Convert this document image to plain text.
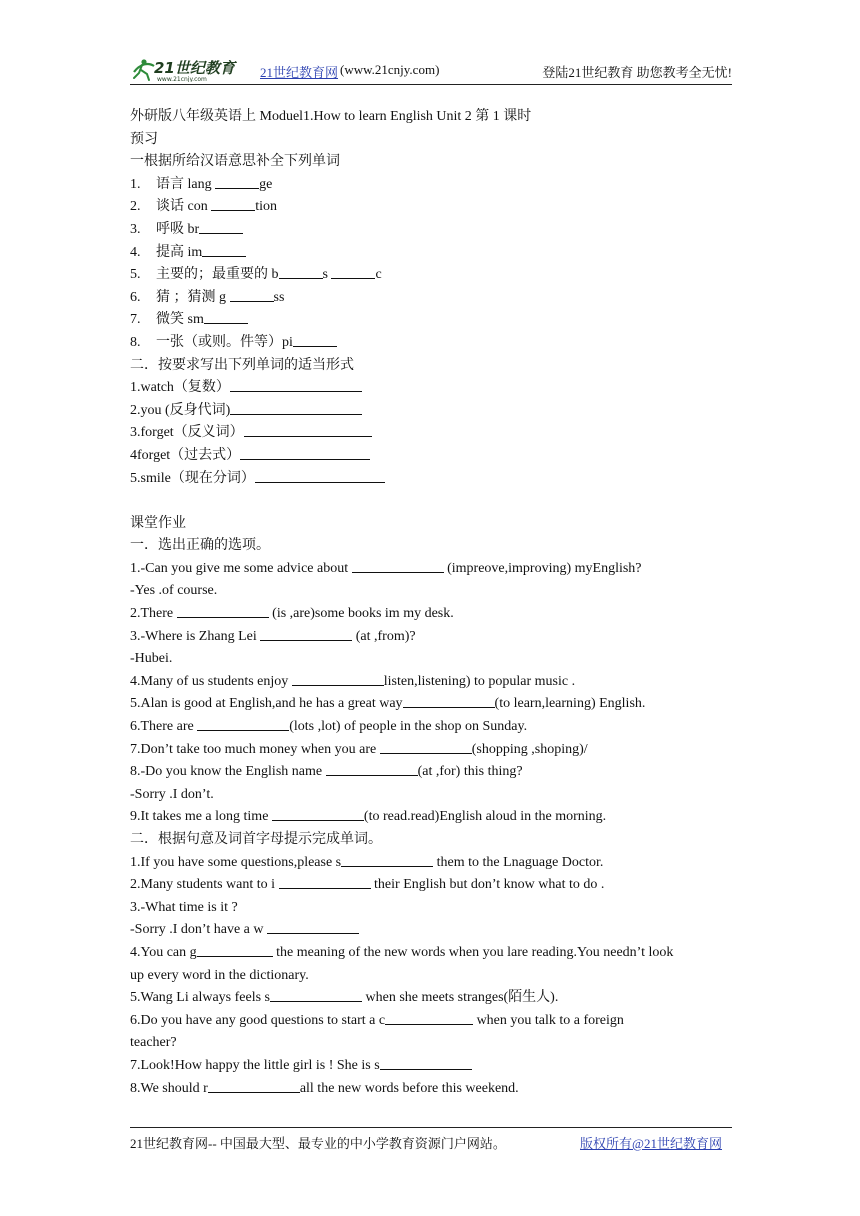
21世纪教育
www.21cnjy.com	21世纪教育网 (www.21cnjy.com)	登陆21世纪教育 助您教考全无忧!
外研版八年级英语上 Moduel1.How to learn English Unit 2 第 1 课时
预习
一根据所给汉语意思补全下列单词
1. 语言 lang	ge
2. 谈话 con	tion
3. 呼吸 br
4. 提高 im
5. 主要的；最重要的 b	s	c
6. 猜 ；猜测 g	ss
7. 微笑 sm
8. 一张（或则。件等）pi
二．按要求写出下列单词的适当形式
1.watch（复数）
2.you (反身代词)
3.forget（反义词）
4forget（过去式）
5.smile（现在分词）
课堂作业
一．选出正确的选项。
1.-Can you give me some advice about	(impreove,improving) myEnglish?
-Yes .of course.
2.There	(is ,are)some books im my desk.
3.-Where is Zhang Lei	(at ,from)?
-Hubei.
4.Many of us students enjoy	listen,listening) to popular music .
5.Alan is good at English,and he has a great way	(to learn,learning) English.
6.There are	(lots ,lot) of people in the shop on Sunday.
7.Don’t take too much money when you are	(shopping ,shoping)/
8.-Do you know the English name	(at ,for) this thing?
-Sorry .I don’t.
9.It takes me a long time	(to read.read)English aloud in the morning.
二．根据句意及词首字母提示完成单词。
1.If you have some questions,please s	them to the Lnaguage Doctor.
2.Many students want to i	their English but don’t know what to do .
3.-What time is it ?
-Sorry .I don’t have a w
4.You can g	the meaning of the new words when you lare reading.You needn’t look
up every word in the dictionary.
5.Wang Li always feels s	when she meets stranges(陌生人).
6.Do you have any good questions to start a c	when you talk to a foreign
teacher?
7.Look!How happy the little girl is ! She is s
8.We should r	all the new words before this weekend.
21世纪教育网-- 中国最大型、最专业的中小学教育资源门户网站。	版权所有@21世纪教育网
